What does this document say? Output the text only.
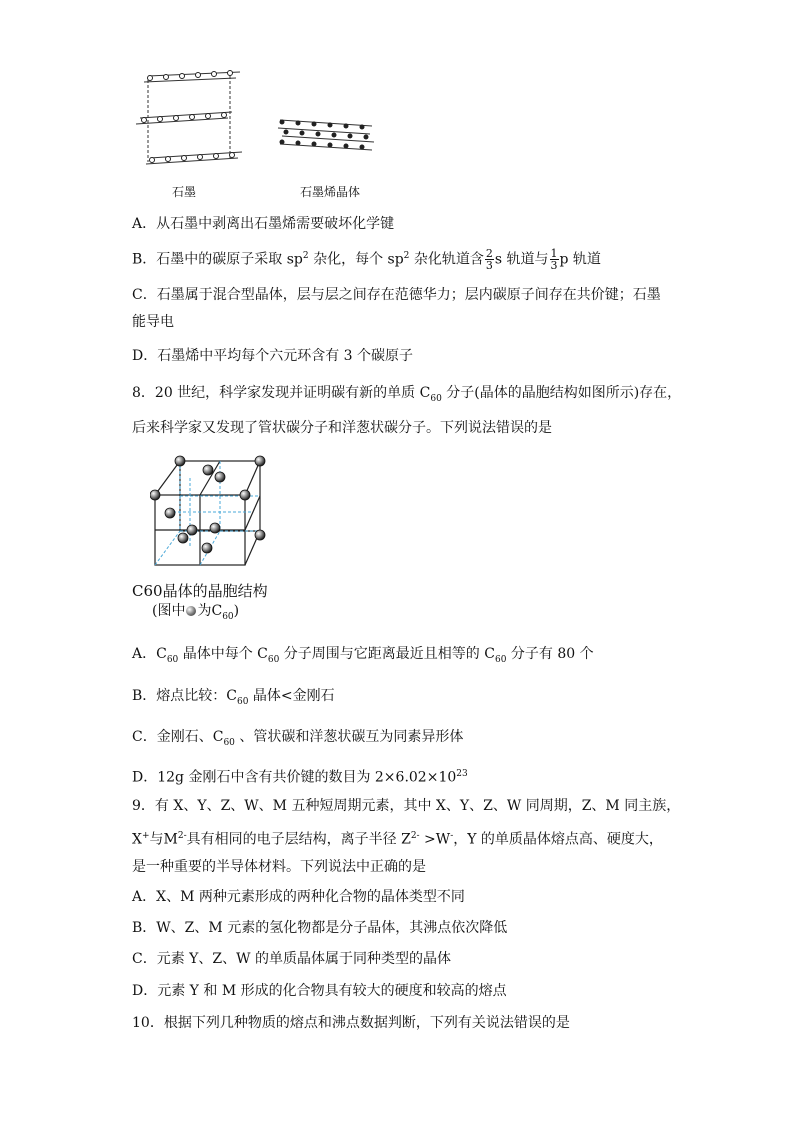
石墨	石墨烯晶体
A．从石墨中剥离出石墨烯需要破坏化学键
B．石墨中的碳原子采取 $sp^2$ 杂化，每个 $sp^2$ 杂化轨道含 $\frac{2}{3}$ s 轨道与 $\frac{1}{3}$ p 轨道
C．石墨属于混合型晶体，层与层之间存在范德华力；层内碳原子间存在共价键；石墨
能导电
D．石墨烯中平均每个六元环含有 3 个碳原子
8．20 世纪，科学家发现并证明碳有新的单质 $C_{60}$ 分子(晶体的晶胞结构如图所示)存在，
后来科学家又发现了管状碳分子和洋葱状碳分子。下列说法错误的是
C60晶体的晶胞结构
(图中 为$C_{60}$)
A．$C_{60}$ 晶体中每个 $C_{60}$ 分子周围与它距离最近且相等的 $C_{60}$ 分子有 80 个
B．熔点比较：$C_{60}$ 晶体<金刚石
C．金刚石、$C_{60}$ 、管状碳和洋葱状碳互为同素异形体
D．12g 金刚石中含有共价键的数目为 $2\times 6.02\times 10^{23}$
9．有 X、Y、Z、W、M 五种短周期元素，其中 X、Y、Z、W 同周期，Z、M 同主族，
X+与$M^{2-}$具有相同的电子层结构，离子半径 $Z^{2-} >W^-$，Y 的单质晶体熔点高、硬度大，
是一种重要的半导体材料。下列说法中正确的是
A．X、M 两种元素形成的两种化合物的晶体类型不同
B．W、Z、M 元素的氢化物都是分子晶体，其沸点依次降低
C．元素 Y、Z、W 的单质晶体属于同种类型的晶体
D．元素 Y 和 M 形成的化合物具有较大的硬度和较高的熔点
10．根据下列几种物质的熔点和沸点数据判断，下列有关说法错误的是
